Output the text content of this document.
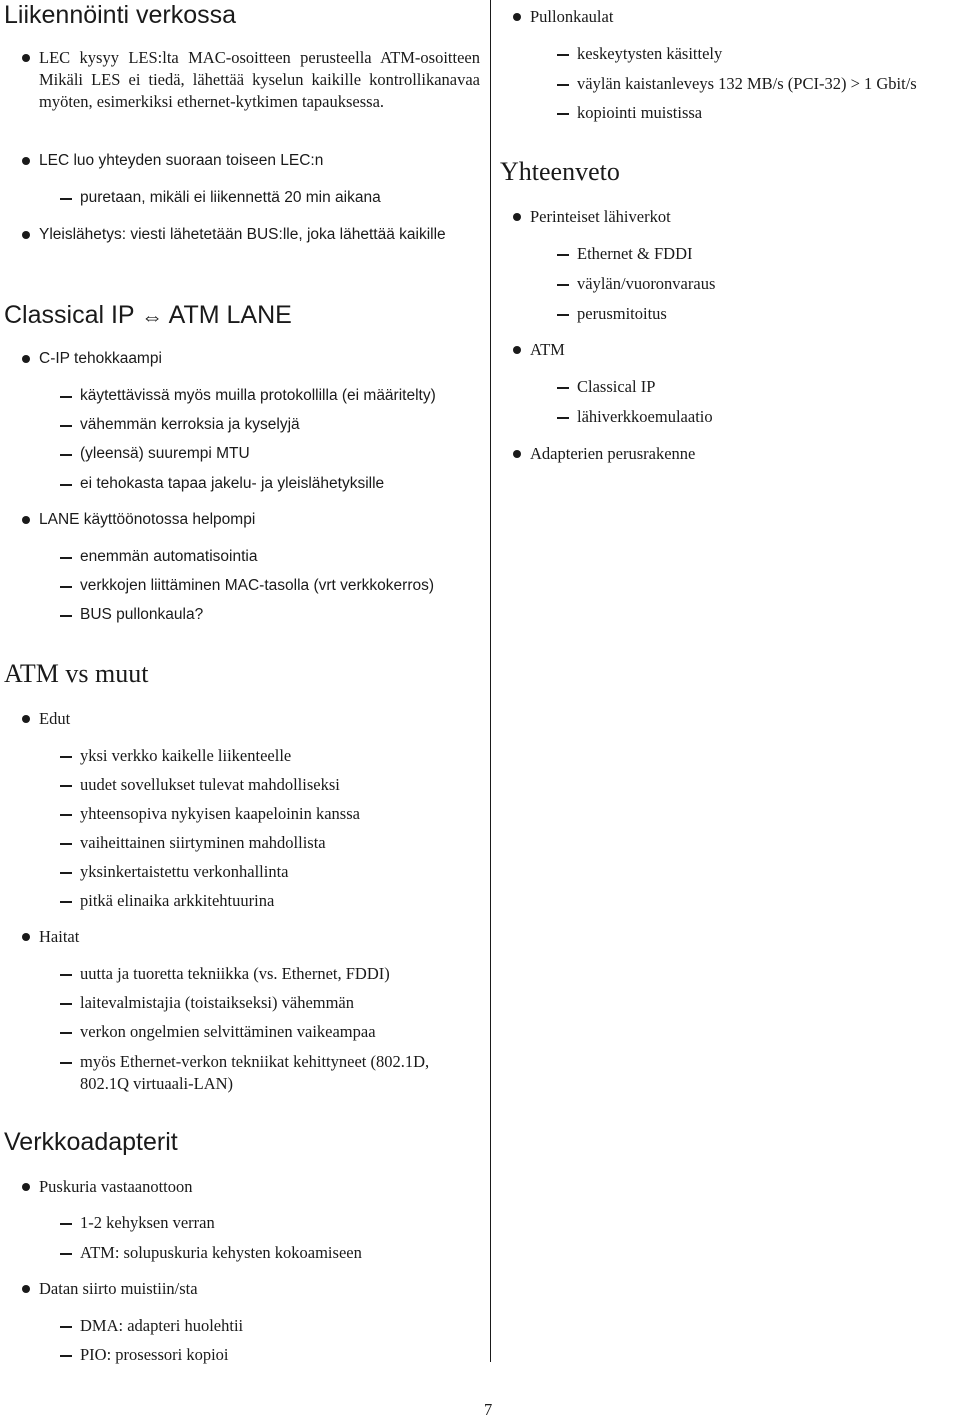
Liikennöinti verkossa
LEC kysyy LES:lta MAC-osoitteen perusteella ATM-osoitteen Mikäli LES ei tiedä, lähettää kyselun kaikille kontrollikanavaa myöten, esimerkiksi ethernet-kytkimen tapauksessa.
LEC luo yhteyden suoraan toiseen LEC:n
puretaan, mikäli ei liikennettä 20 min aikana
Yleislähetys: viesti lähetetään BUS:lle, joka lähettää kaikille
Classical IP ⇔ ATM LANE
C-IP tehokkaampi
käytettävissä myös muilla protokollilla (ei määritelty)
vähemmän kerroksia ja kyselyjä
(yleensä) suurempi MTU
ei tehokasta tapaa jakelu- ja yleislähetyksille
LANE käyttöönotossa helpompi
enemmän automatisointia
verkkojen liittäminen MAC-tasolla (vrt verkkokerros)
BUS pullonkaula?
ATM vs muut
Edut
yksi verkko kaikelle liikenteelle
uudet sovellukset tulevat mahdolliseksi
yhteensopiva nykyisen kaapeloinin kanssa
vaiheittainen siirtyminen mahdollista
yksinkertaistettu verkonhallinta
pitkä elinaika arkkitehtuurina
Haitat
uutta ja tuoretta tekniikka (vs. Ethernet, FDDI)
laitevalmistajia (toistaikseksi) vähemmän
verkon ongelmien selvittäminen vaikeampaa
myös Ethernet-verkon tekniikat kehittyneet (802.1D,
802.1Q virtuaali-LAN)
Verkkoadapterit
Puskuria vastaanottoon
1-2 kehyksen verran
ATM: solupuskuria kehysten kokoamiseen
Datan siirto muistiin/sta
DMA: adapteri huolehtii
PIO: prosessori kopioi
Pullonkaulat
keskeytysten käsittely
väylän kaistanleveys 132 MB/s (PCI-32) > 1 Gbit/s
kopiointi muistissa
Yhteenveto
Perinteiset lähiverkot
Ethernet & FDDI
väylän/vuoronvaraus
perusmitoitus
ATM
Classical IP
lähiverkkoemulaatio
Adapterien perusrakenne
7
